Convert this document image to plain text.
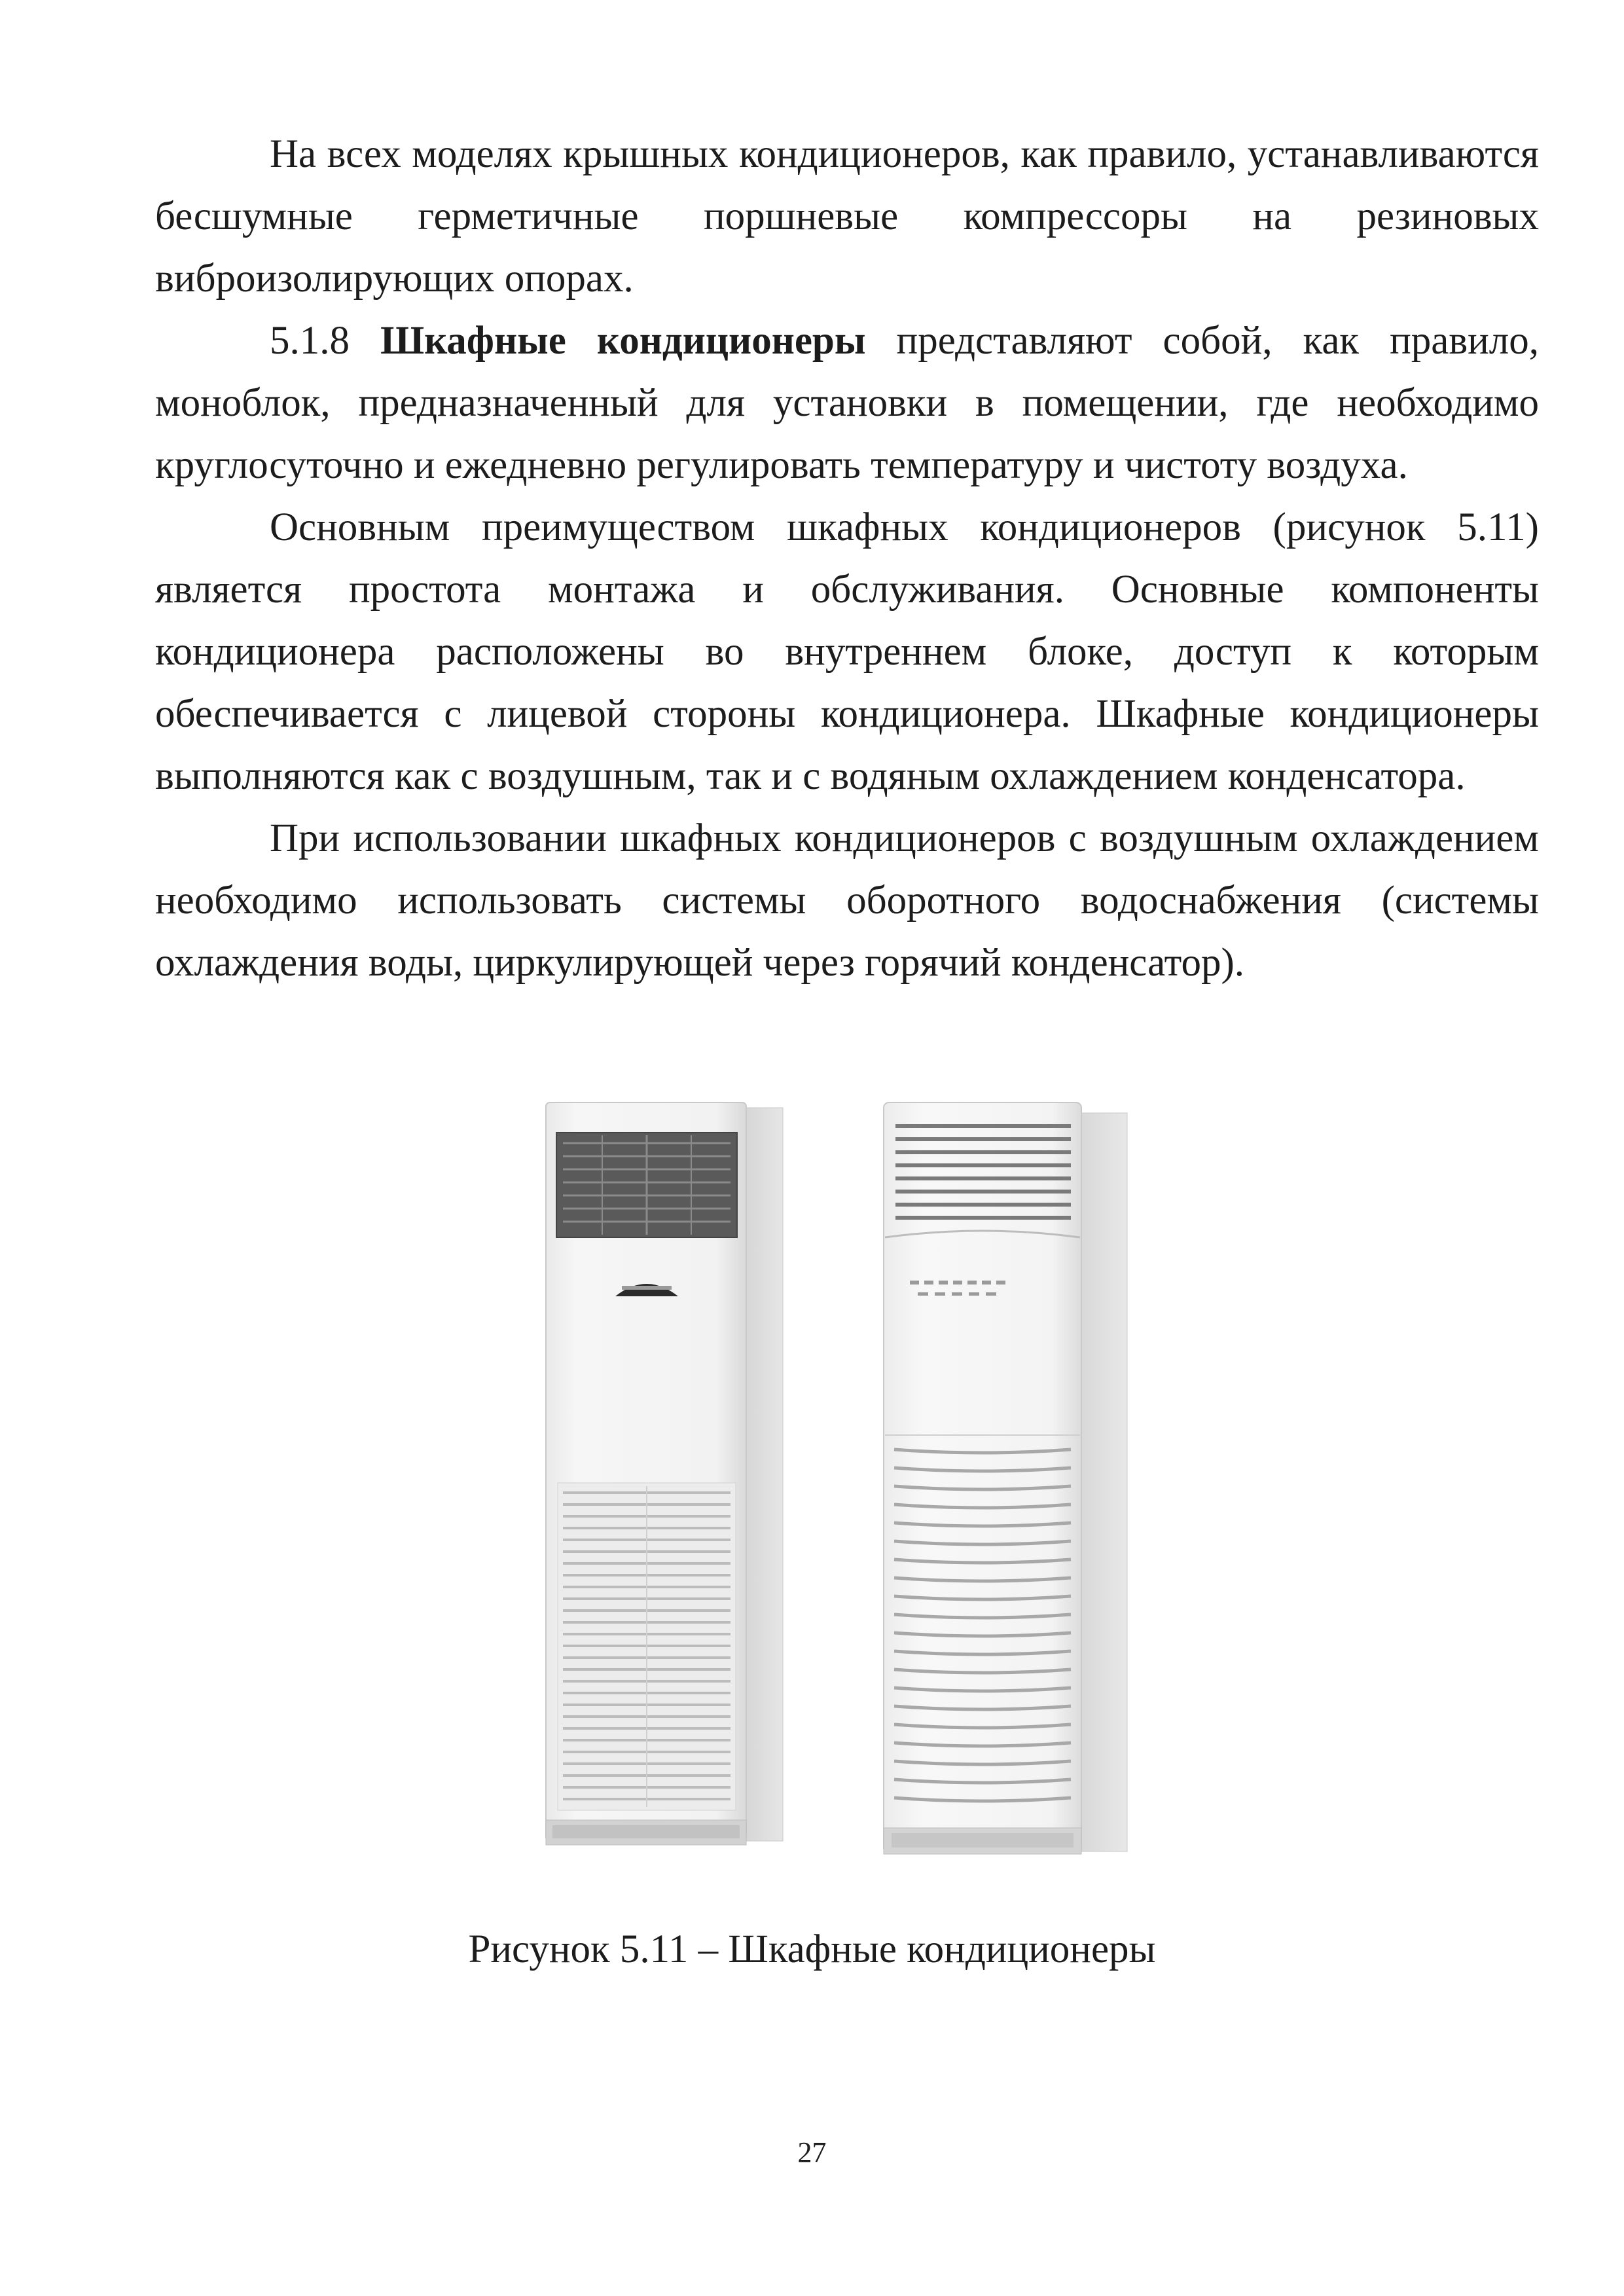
На всех моделях крышных кондиционеров, как правило, устанавливаются бесшумные герметичные поршневые компрессоры на резиновых виброизолирующих опорах.

5.1.8 Шкафные кондиционеры представляют собой, как правило, моноблок, предназначенный для установки в помещении, где необходимо круглосуточно и ежедневно регулировать температуру и чистоту воздуха.

Основным преимуществом шкафных кондиционеров (рисунок 5.11) является простота монтажа и обслуживания. Основные компоненты кондиционера расположены во внутреннем блоке, доступ к которым обеспечивается с лицевой стороны кондиционера. Шкафные кондиционеры выполняются как с воздушным, так и с водяным охлаждением конденсатора.

При использовании шкафных кондиционеров с воздушным охлаждением необходимо использовать системы оборотного водоснабжения (системы охлаждения воды, циркулирующей через горячий конденсатор).

Рисунок 5.11 – Шкафные кондиционеры
27
